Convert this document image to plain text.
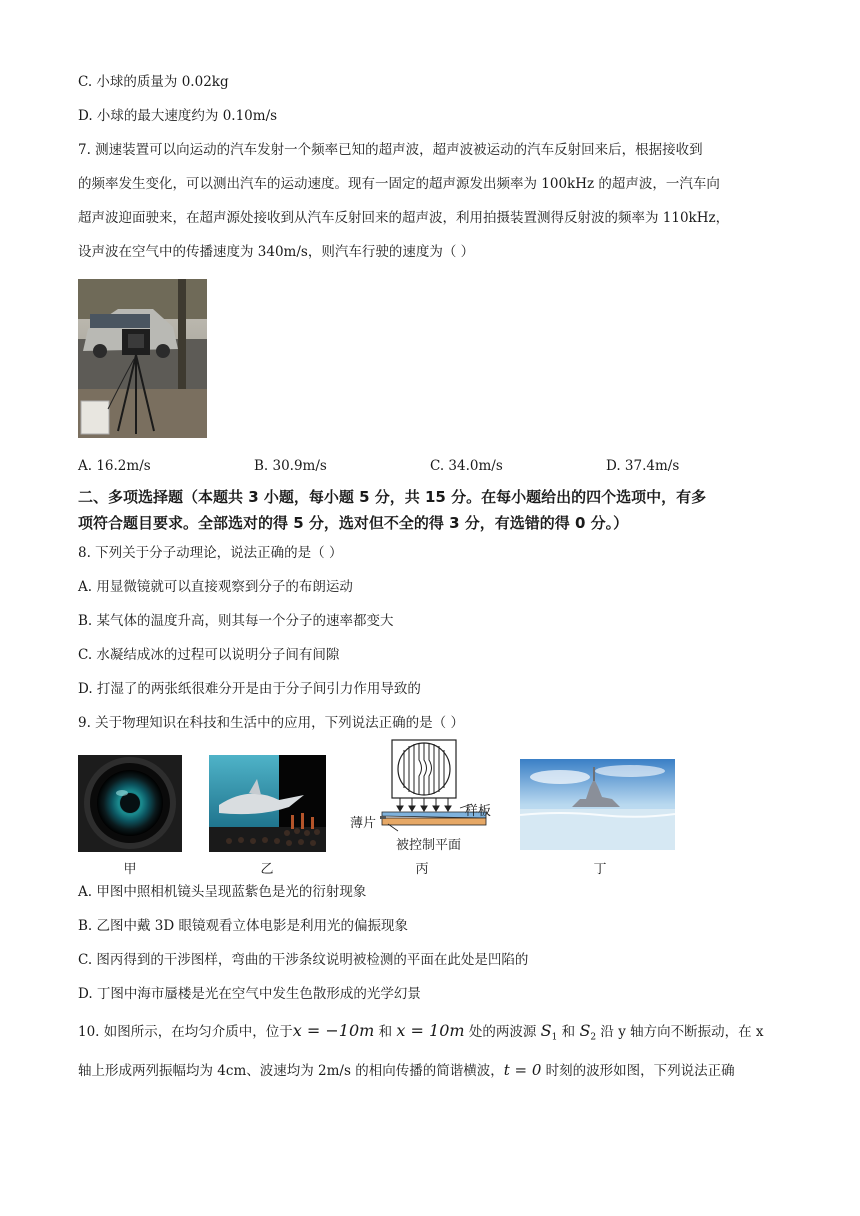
C. 小球的质量为 0.02kg
D. 小球的最大速度约为 0.10m/s
7. 测速装置可以向运动的汽车发射一个频率已知的超声波，超声波被运动的汽车反射回来后，根据接收到
的频率发生变化，可以测出汽车的运动速度。现有一固定的超声源发出频率为 100kHz 的超声波，一汽车向
超声波迎面驶来，在超声源处接收到从汽车反射回来的超声波，利用拍摄装置测得反射波的频率为 110kHz，
设声波在空气中的传播速度为 340m/s，则汽车行驶的速度为（ ）
A. 16.2m/s	B. 30.9m/s	C. 34.0m/s	D. 37.4m/s
二、多项选择题（本题共 3 小题，每小题 5 分，共 15 分。在每小题给出的四个选项中，有多
项符合题目要求。全部选对的得 5 分，选对但不全的得 3 分，有选错的得 0 分。）
8. 下列关于分子动理论，说法正确的是（ ）
A. 用显微镜就可以直接观察到分子的布朗运动
B. 某气体的温度升高，则其每一个分子的速率都变大
C. 水凝结成冰的过程可以说明分子间有间隙
D. 打湿了的两张纸很难分开是由于分子间引力作用导致的
9. 关于物理知识在科技和生活中的应用，下列说法正确的是（ ）
甲	乙
样板
薄片
被控制平面
丙	丁
A. 甲图中照相机镜头呈现蓝紫色是光的衍射现象
B. 乙图中戴 3D 眼镜观看立体电影是利用光的偏振现象
C. 图丙得到的干涉图样，弯曲的干涉条纹说明被检测的平面在此处是凹陷的
D. 丁图中海市蜃楼是光在空气中发生色散形成的光学幻景
10. 如图所示，在均匀介质中，位于x = −10m 和 x = 10m 处的两波源 $S_1$ 和 $S_2$ 沿 y 轴方向不断振动，在 x
轴上形成两列振幅均为 4cm、波速均为 2m/s 的相向传播的简谐横波，t = 0 时刻的波形如图，下列说法正确
